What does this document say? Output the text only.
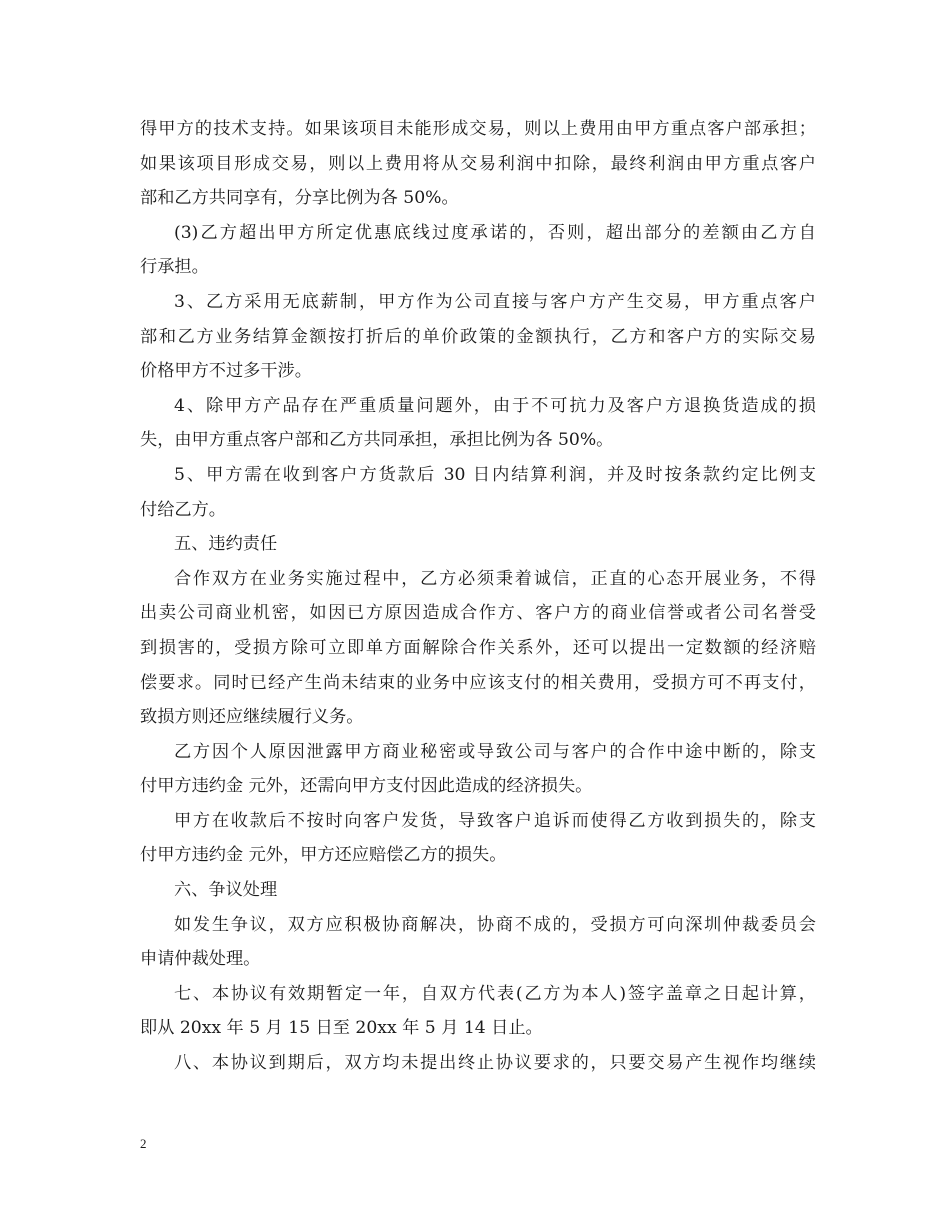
得甲方的技术支持。如果该项目未能形成交易，则以上费用由甲方重点客户部承担；
如果该项目形成交易，则以上费用将从交易利润中扣除，最终利润由甲方重点客户
部和乙方共同享有，分享比例为各 50%。
(3)乙方超出甲方所定优惠底线过度承诺的，否则，超出部分的差额由乙方自
行承担。
3、乙方采用无底薪制，甲方作为公司直接与客户方产生交易，甲方重点客户
部和乙方业务结算金额按打折后的单价政策的金额执行，乙方和客户方的实际交易
价格甲方不过多干涉。
4、除甲方产品存在严重质量问题外，由于不可抗力及客户方退换货造成的损
失，由甲方重点客户部和乙方共同承担，承担比例为各 50%。
5、甲方需在收到客户方货款后 30 日内结算利润，并及时按条款约定比例支
付给乙方。
五、违约责任
合作双方在业务实施过程中，乙方必须秉着诚信，正直的心态开展业务，不得
出卖公司商业机密，如因已方原因造成合作方、客户方的商业信誉或者公司名誉受
到损害的，受损方除可立即单方面解除合作关系外，还可以提出一定数额的经济赔
偿要求。同时已经产生尚未结束的业务中应该支付的相关费用，受损方可不再支付，
致损方则还应继续履行义务。
乙方因个人原因泄露甲方商业秘密或导致公司与客户的合作中途中断的，除支
付甲方违约金 元外，还需向甲方支付因此造成的经济损失。
甲方在收款后不按时向客户发货，导致客户追诉而使得乙方收到损失的，除支
付甲方违约金 元外，甲方还应赔偿乙方的损失。
六、争议处理
如发生争议，双方应积极协商解决，协商不成的，受损方可向深圳仲裁委员会
申请仲裁处理。
七、本协议有效期暂定一年，自双方代表(乙方为本人)签字盖章之日起计算，
即从 20xx 年 5 月 15 日至 20xx 年 5 月 14 日止。
八、本协议到期后，双方均未提出终止协议要求的，只要交易产生视作均继续
2
